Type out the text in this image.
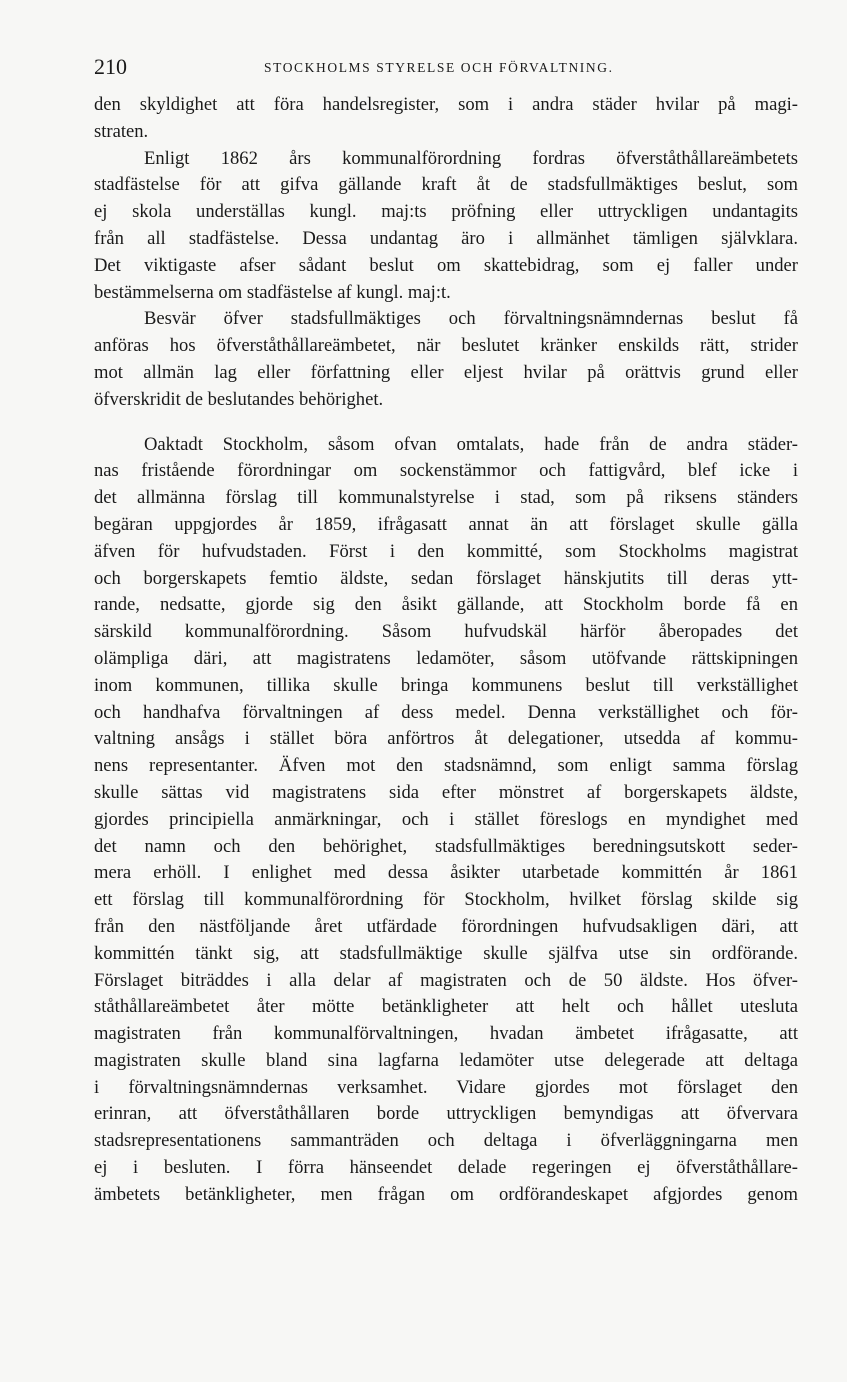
210	STOCKHOLMS STYRELSE OCH FÖRVALTNING.

den skyldighet att föra handelsregister, som i andra städer hvilar på magi-
straten.

Enligt 1862 års kommunalförordning fordras öfverståthållareämbetets
stadfästelse för att gifva gällande kraft åt de stadsfullmäktiges beslut, som
ej skola underställas kungl. maj:ts pröfning eller uttryckligen undantagits
från all stadfästelse. Dessa undantag äro i allmänhet tämligen självklara.
Det viktigaste afser sådant beslut om skattebidrag, som ej faller under
bestämmelserna om stadfästelse af kungl. maj:t.

Besvär öfver stadsfullmäktiges och förvaltningsnämndernas beslut få
anföras hos öfverståthållareämbetet, när beslutet kränker enskilds rätt, strider
mot allmän lag eller författning eller eljest hvilar på orättvis grund eller
öfverskridit de beslutandes behörighet.

Oaktadt Stockholm, såsom ofvan omtalats, hade från de andra städer-
nas fristående förordningar om sockenstämmor och fattigvård, blef icke i
det allmänna förslag till kommunalstyrelse i stad, som på riksens ständers
begäran uppgjordes år 1859, ifrågasatt annat än att förslaget skulle gälla
äfven för hufvudstaden. Först i den kommitté, som Stockholms magistrat
och borgerskapets femtio äldste, sedan förslaget hänskjutits till deras ytt-
rande, nedsatte, gjorde sig den åsikt gällande, att Stockholm borde få en
särskild kommunalförordning. Såsom hufvudskäl härför åberopades det
olämpliga däri, att magistratens ledamöter, såsom utöfvande rättskipningen
inom kommunen, tillika skulle bringa kommunens beslut till verkställighet
och handhafva förvaltningen af dess medel. Denna verkställighet och för-
valtning ansågs i stället böra anförtros åt delegationer, utsedda af kommu-
nens representanter. Äfven mot den stadsnämnd, som enligt samma förslag
skulle sättas vid magistratens sida efter mönstret af borgerskapets äldste,
gjordes principiella anmärkningar, och i stället föreslogs en myndighet med
det namn och den behörighet, stadsfullmäktiges beredningsutskott seder-
mera erhöll. I enlighet med dessa åsikter utarbetade kommittén år 1861
ett förslag till kommunalförordning för Stockholm, hvilket förslag skilde sig
från den nästföljande året utfärdade förordningen hufvudsakligen däri, att
kommittén tänkt sig, att stadsfullmäktige skulle själfva utse sin ordförande.
Förslaget biträddes i alla delar af magistraten och de 50 äldste. Hos öfver-
ståthållareämbetet åter mötte betänkligheter att helt och hållet utesluta
magistraten från kommunalförvaltningen, hvadan ämbetet ifrågasatte, att
magistraten skulle bland sina lagfarna ledamöter utse delegerade att deltaga
i förvaltningsnämndernas verksamhet. Vidare gjordes mot förslaget den
erinran, att öfverståthållaren borde uttryckligen bemyndigas att öfvervara
stadsrepresentationens sammanträden och deltaga i öfverläggningarna men
ej i besluten. I förra hänseendet delade regeringen ej öfverståthållare-
ämbetets betänkligheter, men frågan om ordförandeskapet afgjordes genom
